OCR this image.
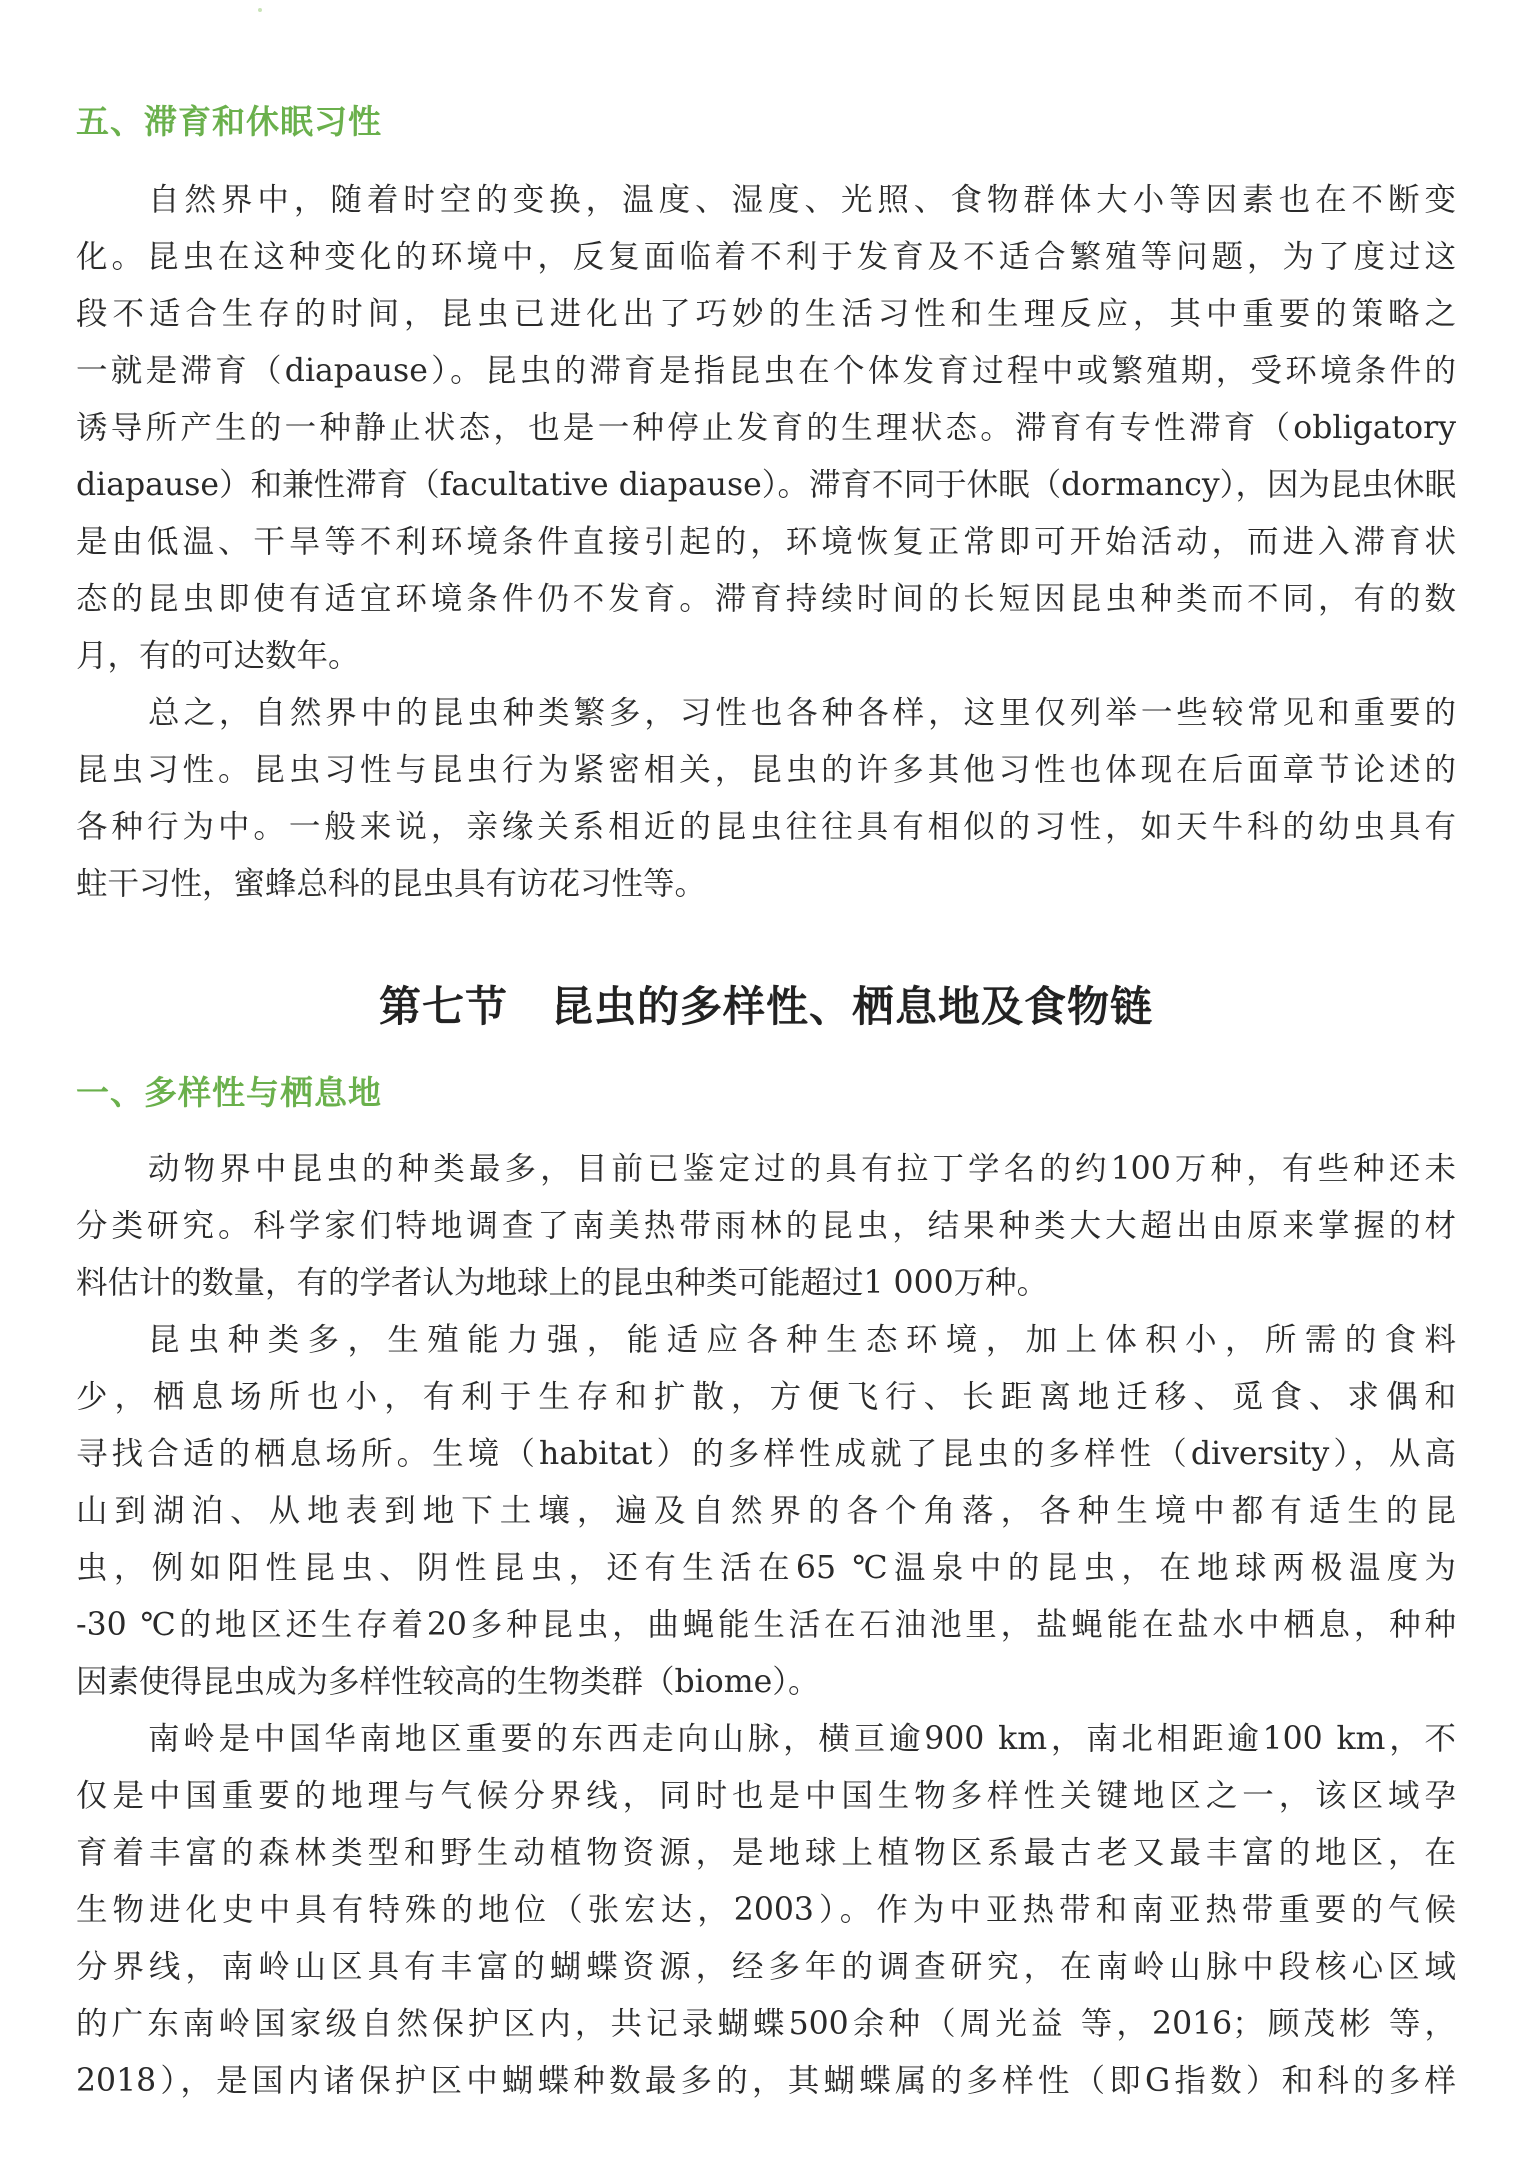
五、滞育和休眠习性
自然界中，随着时空的变换，温度、湿度、光照、食物群体大小等因素也在不断变
化。昆虫在这种变化的环境中，反复面临着不利于发育及不适合繁殖等问题，为了度过这
段不适合生存的时间，昆虫已进化出了巧妙的生活习性和生理反应，其中重要的策略之
一就是滞育（diapause）。昆虫的滞育是指昆虫在个体发育过程中或繁殖期，受环境条件的
诱导所产生的一种静止状态，也是一种停止发育的生理状态。滞育有专性滞育（obligatory
diapause）和兼性滞育（facultative diapause）。滞育不同于休眠（dormancy），因为昆虫休眠
是由低温、干旱等不利环境条件直接引起的，环境恢复正常即可开始活动，而进入滞育状
态的昆虫即使有适宜环境条件仍不发育。滞育持续时间的长短因昆虫种类而不同，有的数
月，有的可达数年。
总之，自然界中的昆虫种类繁多，习性也各种各样，这里仅列举一些较常见和重要的
昆虫习性。昆虫习性与昆虫行为紧密相关，昆虫的许多其他习性也体现在后面章节论述的
各种行为中。一般来说，亲缘关系相近的昆虫往往具有相似的习性，如天牛科的幼虫具有
蛀干习性，蜜蜂总科的昆虫具有访花习性等。
第七节　昆虫的多样性、栖息地及食物链
一、多样性与栖息地
动物界中昆虫的种类最多，目前已鉴定过的具有拉丁学名的约100万种，有些种还未
分类研究。科学家们特地调查了南美热带雨林的昆虫，结果种类大大超出由原来掌握的材
料估计的数量，有的学者认为地球上的昆虫种类可能超过1 000万种。
昆虫种类多，生殖能力强，能适应各种生态环境，加上体积小，所需的食料
少，栖息场所也小，有利于生存和扩散，方便飞行、长距离地迁移、觅食、求偶和
寻找合适的栖息场所。生境（habitat）的多样性成就了昆虫的多样性（diversity），从高
山到湖泊、从地表到地下土壤，遍及自然界的各个角落，各种生境中都有适生的昆
虫，例如阳性昆虫、阴性昆虫，还有生活在65 ℃温泉中的昆虫，在地球两极温度为
-30 ℃的地区还生存着20多种昆虫，曲蝇能生活在石油池里，盐蝇能在盐水中栖息，种种
因素使得昆虫成为多样性较高的生物类群（biome）。
南岭是中国华南地区重要的东西走向山脉，横亘逾900 km，南北相距逾100 km，不
仅是中国重要的地理与气候分界线，同时也是中国生物多样性关键地区之一，该区域孕
育着丰富的森林类型和野生动植物资源，是地球上植物区系最古老又最丰富的地区，在
生物进化史中具有特殊的地位（张宏达，2003）。作为中亚热带和南亚热带重要的气候
分界线，南岭山区具有丰富的蝴蝶资源，经多年的调查研究，在南岭山脉中段核心区域
的广东南岭国家级自然保护区内，共记录蝴蝶500余种（周光益 等，2016；顾茂彬 等，
2018），是国内诸保护区中蝴蝶种数最多的，其蝴蝶属的多样性（即G指数）和科的多样
